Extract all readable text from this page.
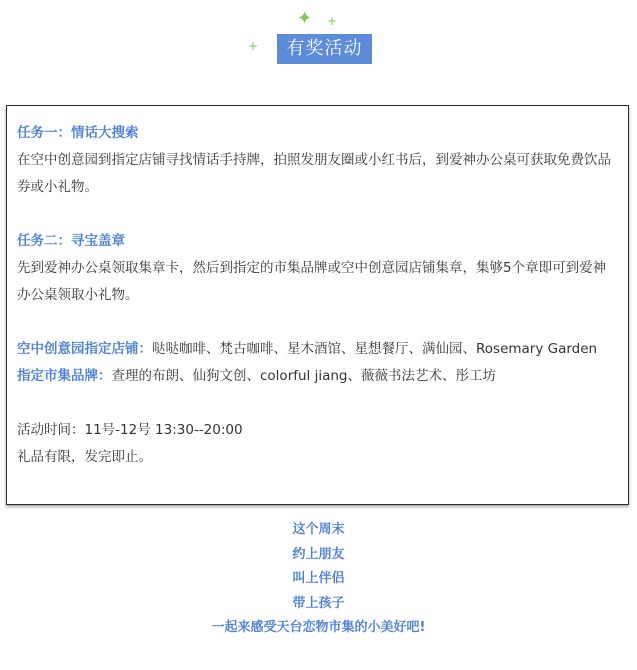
✦ +
+	有奖活动

任务一：情话大搜索

在空中创意园到指定店铺寻找情话手持牌，拍照发朋友圈或小红书后，到爱神办公桌可获取免费饮品券或小礼物。

任务二：寻宝盖章

先到爱神办公桌领取集章卡，然后到指定的市集品牌或空中创意园店铺集章，集够5个章即可到爱神办公桌领取小礼物。

空中创意园指定店铺：哒哒咖啡、梵古咖啡、星木酒馆、星想餐厅、满仙园、Rosemary Garden

指定市集品牌：查理的布朗、仙狗文创、colorful jiang、薇薇书法艺术、彤工坊

活动时间：11号-12号 13:30--20:00

礼品有限，发完即止。

这个周末
约上朋友
叫上伴侣
带上孩子
一起来感受天台恋物市集的小美好吧!
